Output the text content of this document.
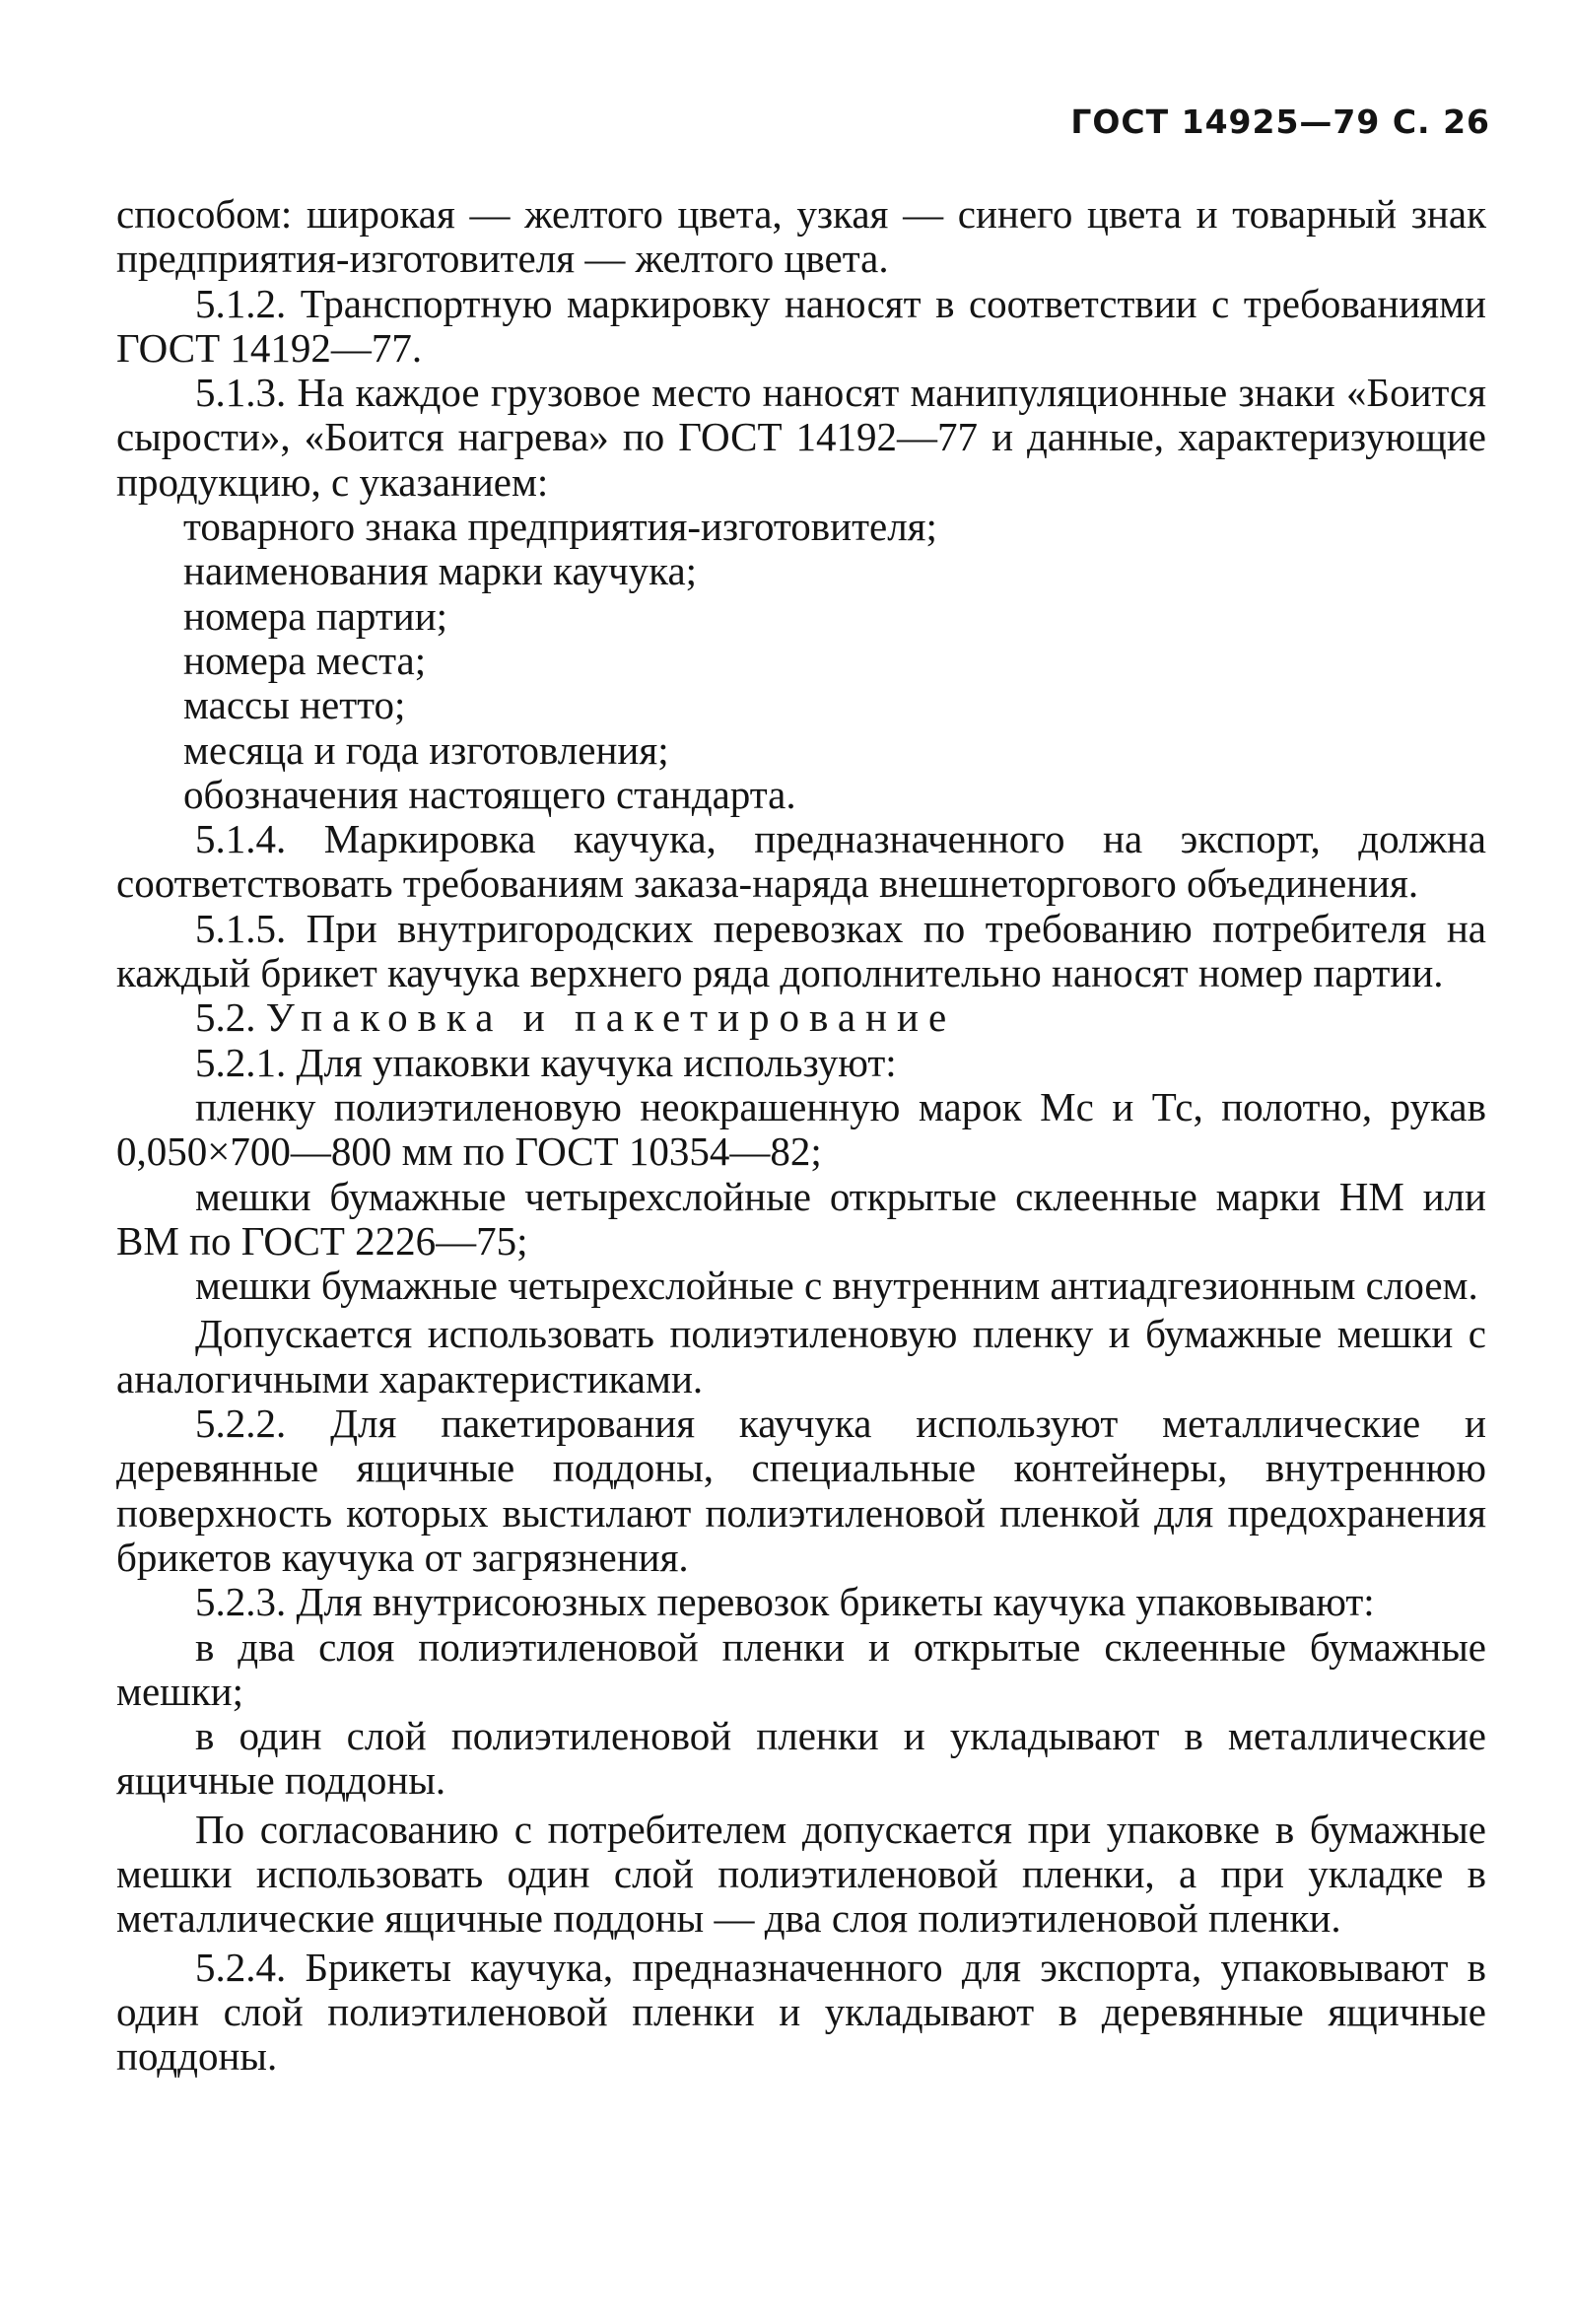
ГОСТ 14925—79 С. 26

способом: широкая — желтого цвета, узкая — синего цвета и товарный знак предприятия-изготовителя — желтого цвета.

5.1.2. Транспортную маркировку наносят в соответствии с требованиями ГОСТ 14192—77.

5.1.3. На каждое грузовое место наносят манипуляционные знаки «Боится сырости», «Боится нагрева» по ГОСТ 14192—77 и данные, характеризующие продукцию, с указанием:

товарного знака предприятия-изготовителя;

наименования марки каучука;

номера партии;

номера места;

массы нетто;

месяца и года изготовления;

обозначения настоящего стандарта.

5.1.4. Маркировка каучука, предназначенного на экспорт, должна соответствовать требованиям заказа-наряда внешнеторгового объединения.

5.1.5. При внутригородских перевозках по требованию потребителя на каждый брикет каучука верхнего ряда дополнительно наносят номер партии.

5.2. Упаковка и пакетирование

5.2.1. Для упаковки каучука используют:

пленку полиэтиленовую неокрашенную марок Мс и Тс, полотно, рукав 0,050×700—800 мм по ГОСТ 10354—82;

мешки бумажные четырехслойные открытые склеенные марки НМ или ВМ по ГОСТ 2226—75;

мешки бумажные четырехслойные с внутренним антиадгезионным слоем.

Допускается использовать полиэтиленовую пленку и бумажные мешки с аналогичными характеристиками.

5.2.2. Для пакетирования каучука используют металлические и деревянные ящичные поддоны, специальные контейнеры, внутреннюю поверхность которых выстилают полиэтиленовой пленкой для предохранения брикетов каучука от загрязнения.

5.2.3. Для внутрисоюзных перевозок брикеты каучука упаковывают:

в два слоя полиэтиленовой пленки и открытые склеенные бумажные мешки;

в один слой полиэтиленовой пленки и укладывают в металлические ящичные поддоны.

По согласованию с потребителем допускается при упаковке в бумажные мешки использовать один слой полиэтиленовой пленки, а при укладке в металлические ящичные поддоны — два слоя полиэтиленовой пленки.

5.2.4. Брикеты каучука, предназначенного для экспорта, упаковывают в один слой полиэтиленовой пленки и укладывают в деревянные ящичные поддоны.
